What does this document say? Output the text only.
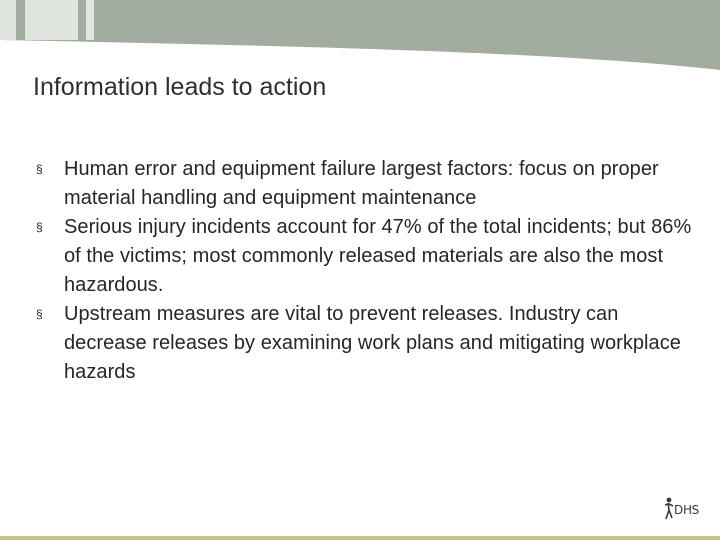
Information leads to action
§	Human error and equipment failure largest factors: focus on proper material handling and equipment maintenance
§	Serious injury incidents account for 47% of the total incidents; but 86% of the victims; most commonly released materials are also the most hazardous.
§	Upstream measures are vital to prevent releases. Industry can decrease releases by examining work plans and mitigating workplace hazards
DHS
